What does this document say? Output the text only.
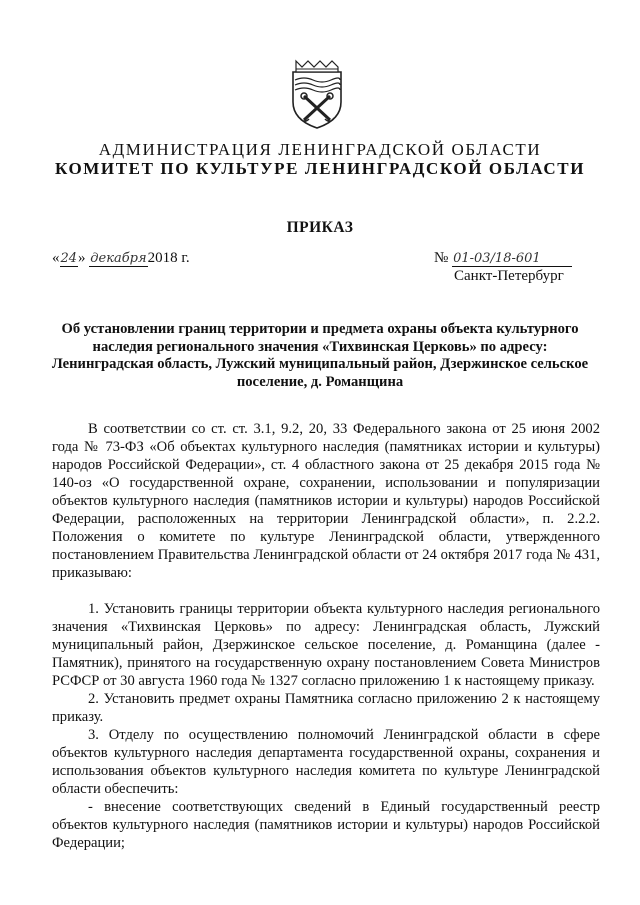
АДМИНИСТРАЦИЯ ЛЕНИНГРАДСКОЙ ОБЛАСТИ
КОМИТЕТ ПО КУЛЬТУРЕ ЛЕНИНГРАДСКОЙ ОБЛАСТИ
ПРИКАЗ
«24» декабря2018 г.	№ 01-03/18-601
Санкт-Петербург
Об установлении границ территории и предмета охраны объекта культурного наследия регионального значения «Тихвинская Церковь» по адресу: Ленинградская область, Лужский муниципальный район, Дзержинское сельское поселение, д. Романщина

В соответствии со ст. ст. 3.1, 9.2, 20, 33 Федерального закона от 25 июня 2002 года № 73-ФЗ «Об объектах культурного наследия (памятниках истории и культуры) народов Российской Федерации», ст. 4 областного закона от 25 декабря 2015 года № 140-оз «О государственной охране, сохранении, использовании и популяризации объектов культурного наследия (памятников истории и культуры) народов Российской Федерации, расположенных на территории Ленинградской области», п. 2.2.2. Положения о комитете по культуре Ленинградской области, утвержденного постановлением Правительства Ленинградской области от 24 октября 2017 года № 431, приказываю:

1. Установить границы территории объекта культурного наследия регионального значения «Тихвинская Церковь» по адресу: Ленинградская область, Лужский муниципальный район, Дзержинское сельское поселение, д. Романщина (далее - Памятник), принятого на государственную охрану постановлением Совета Министров РСФСР от 30 августа 1960 года № 1327 согласно приложению 1 к настоящему приказу.

2. Установить предмет охраны Памятника согласно приложению 2 к настоящему приказу.

3. Отделу по осуществлению полномочий Ленинградской области в сфере объектов культурного наследия департамента государственной охраны, сохранения и использования объектов культурного наследия комитета по культуре Ленинградской области обеспечить:

- внесение соответствующих сведений в Единый государственный реестр объектов культурного наследия (памятников истории и культуры) народов Российской Федерации;
